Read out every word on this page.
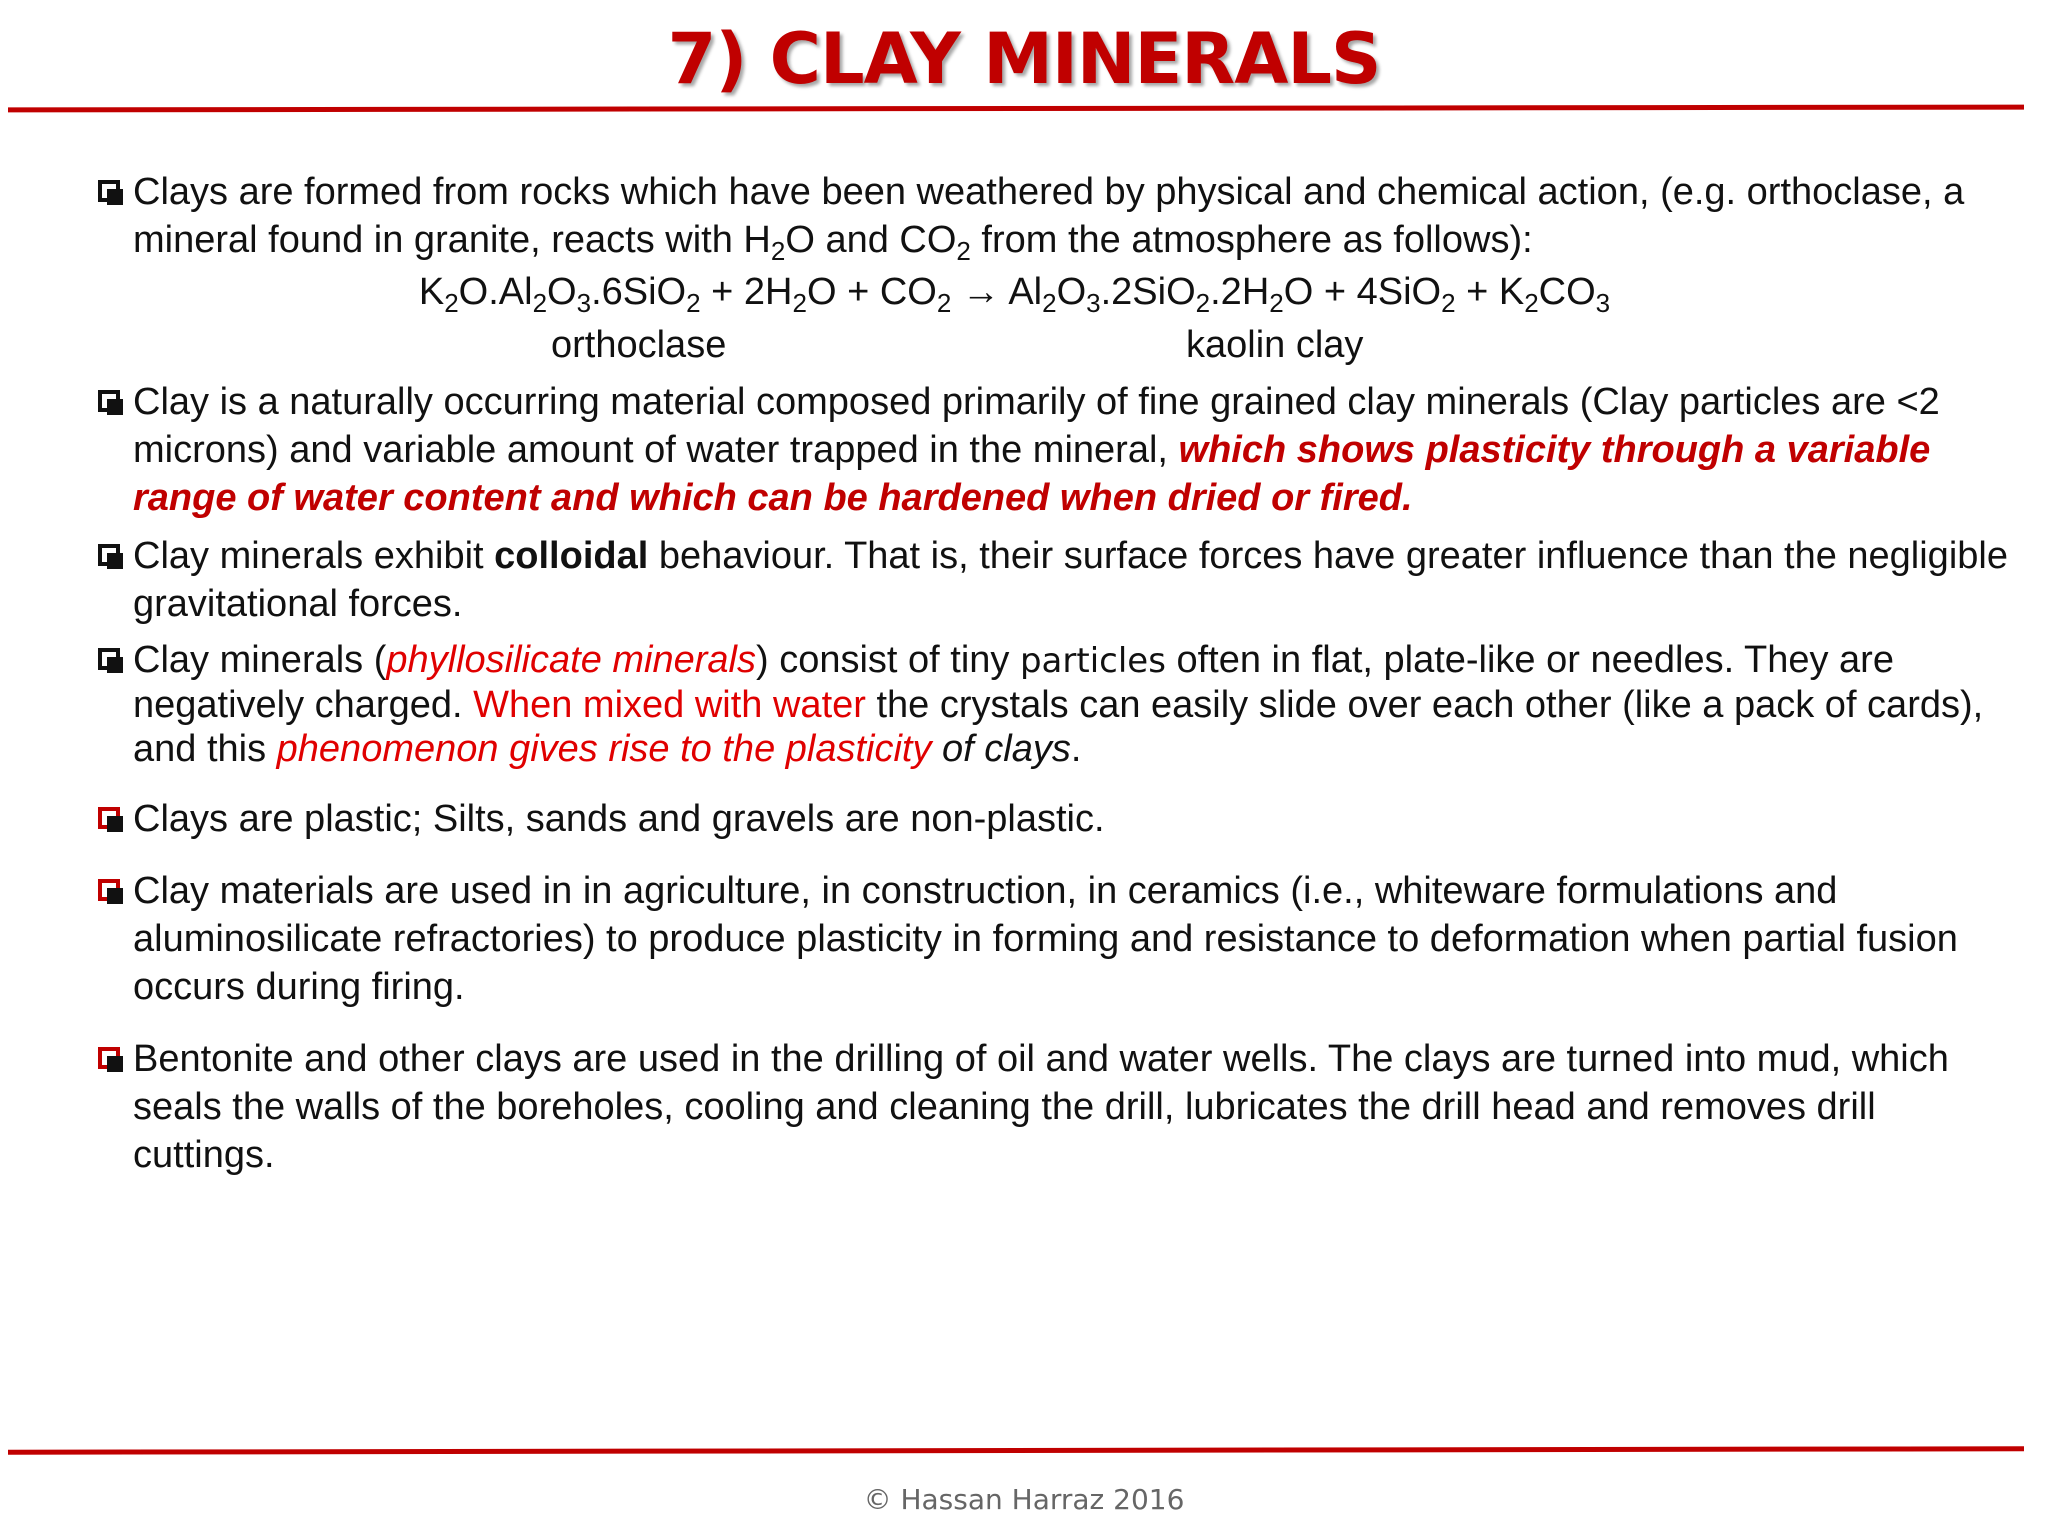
7) CLAY MINERALS
Clays are formed from rocks which have been weathered by physical and chemical action, (e.g. orthoclase, a mineral found in granite, reacts with $H_2O$ and $CO_2$ from the atmosphere as follows):
$K_2O.Al_2O_3.6SiO_2 + 2H_2O + CO_2 \to Al_2O_3.2SiO_2.2H_2O + 4SiO_2 + K_2CO_3$
orthoclase	kaolin clay
Clay is a naturally occurring material composed primarily of fine grained clay minerals (Clay particles are <2 microns) and variable amount of water trapped in the mineral, which shows plasticity through a variable range of water content and which can be hardened when dried or fired.
Clay minerals exhibit colloidal behaviour. That is, their surface forces have greater influence than the negligible gravitational forces.
Clay minerals (phyllosilicate minerals) consist of tiny particles often in flat, plate-like or needles. They are negatively charged. When mixed with water the crystals can easily slide over each other (like a pack of cards), and this phenomenon gives rise to the plasticity of clays.
Clays are plastic; Silts, sands and gravels are non-plastic.
Clay materials are used in in agriculture, in construction, in ceramics (i.e., whiteware formulations and aluminosilicate refractories) to produce plasticity in forming and resistance to deformation when partial fusion occurs during firing.
Bentonite and other clays are used in the drilling of oil and water wells. The clays are turned into mud, which seals the walls of the boreholes, cooling and cleaning the drill, lubricates the drill head and removes drill cuttings.
© Hassan Harraz 2016
